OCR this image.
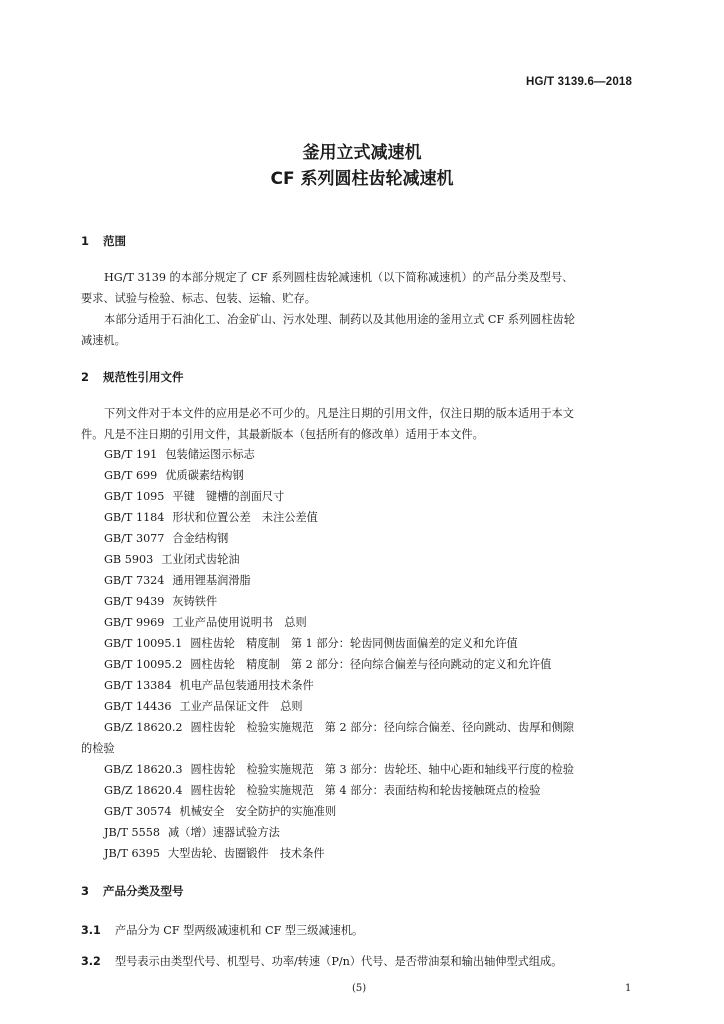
HG/T 3139.6—2018
釜用立式减速机
CF 系列圆柱齿轮减速机
1 范围
HG/T 3139 的本部分规定了 CF 系列圆柱齿轮减速机（以下简称减速机）的产品分类及型号、
要求、试验与检验、标志、包装、运输、贮存。
本部分适用于石油化工、冶金矿山、污水处理、制药以及其他用途的釜用立式 CF 系列圆柱齿轮
减速机。
2 规范性引用文件
下列文件对于本文件的应用是必不可少的。凡是注日期的引用文件，仅注日期的版本适用于本文
件。凡是不注日期的引用文件，其最新版本（包括所有的修改单）适用于本文件。
GB/T 191 包装储运图示标志
GB/T 699 优质碳素结构钢
GB/T 1095 平键　键槽的剖面尺寸
GB/T 1184 形状和位置公差　未注公差值
GB/T 3077 合金结构钢
GB 5903 工业闭式齿轮油
GB/T 7324 通用锂基润滑脂
GB/T 9439 灰铸铁件
GB/T 9969 工业产品使用说明书　总则
GB/T 10095.1 圆柱齿轮　精度制　第 1 部分：轮齿同侧齿面偏差的定义和允许值
GB/T 10095.2 圆柱齿轮　精度制　第 2 部分：径向综合偏差与径向跳动的定义和允许值
GB/T 13384 机电产品包装通用技术条件
GB/T 14436 工业产品保证文件　总则
GB/Z 18620.2 圆柱齿轮　检验实施规范　第 2 部分：径向综合偏差、径向跳动、齿厚和侧隙
的检验
GB/Z 18620.3 圆柱齿轮　检验实施规范　第 3 部分：齿轮坯、轴中心距和轴线平行度的检验
GB/Z 18620.4 圆柱齿轮　检验实施规范　第 4 部分：表面结构和轮齿接触斑点的检验
GB/T 30574 机械安全　安全防护的实施准则
JB/T 5558 减（增）速器试验方法
JB/T 6395 大型齿轮、齿圈锻件　技术条件
3 产品分类及型号
3.1 产品分为 CF 型两级减速机和 CF 型三级减速机。
3.2 型号表示由类型代号、机型号、功率/转速（P/n）代号、是否带油泵和输出轴伸型式组成。
(5)	1
